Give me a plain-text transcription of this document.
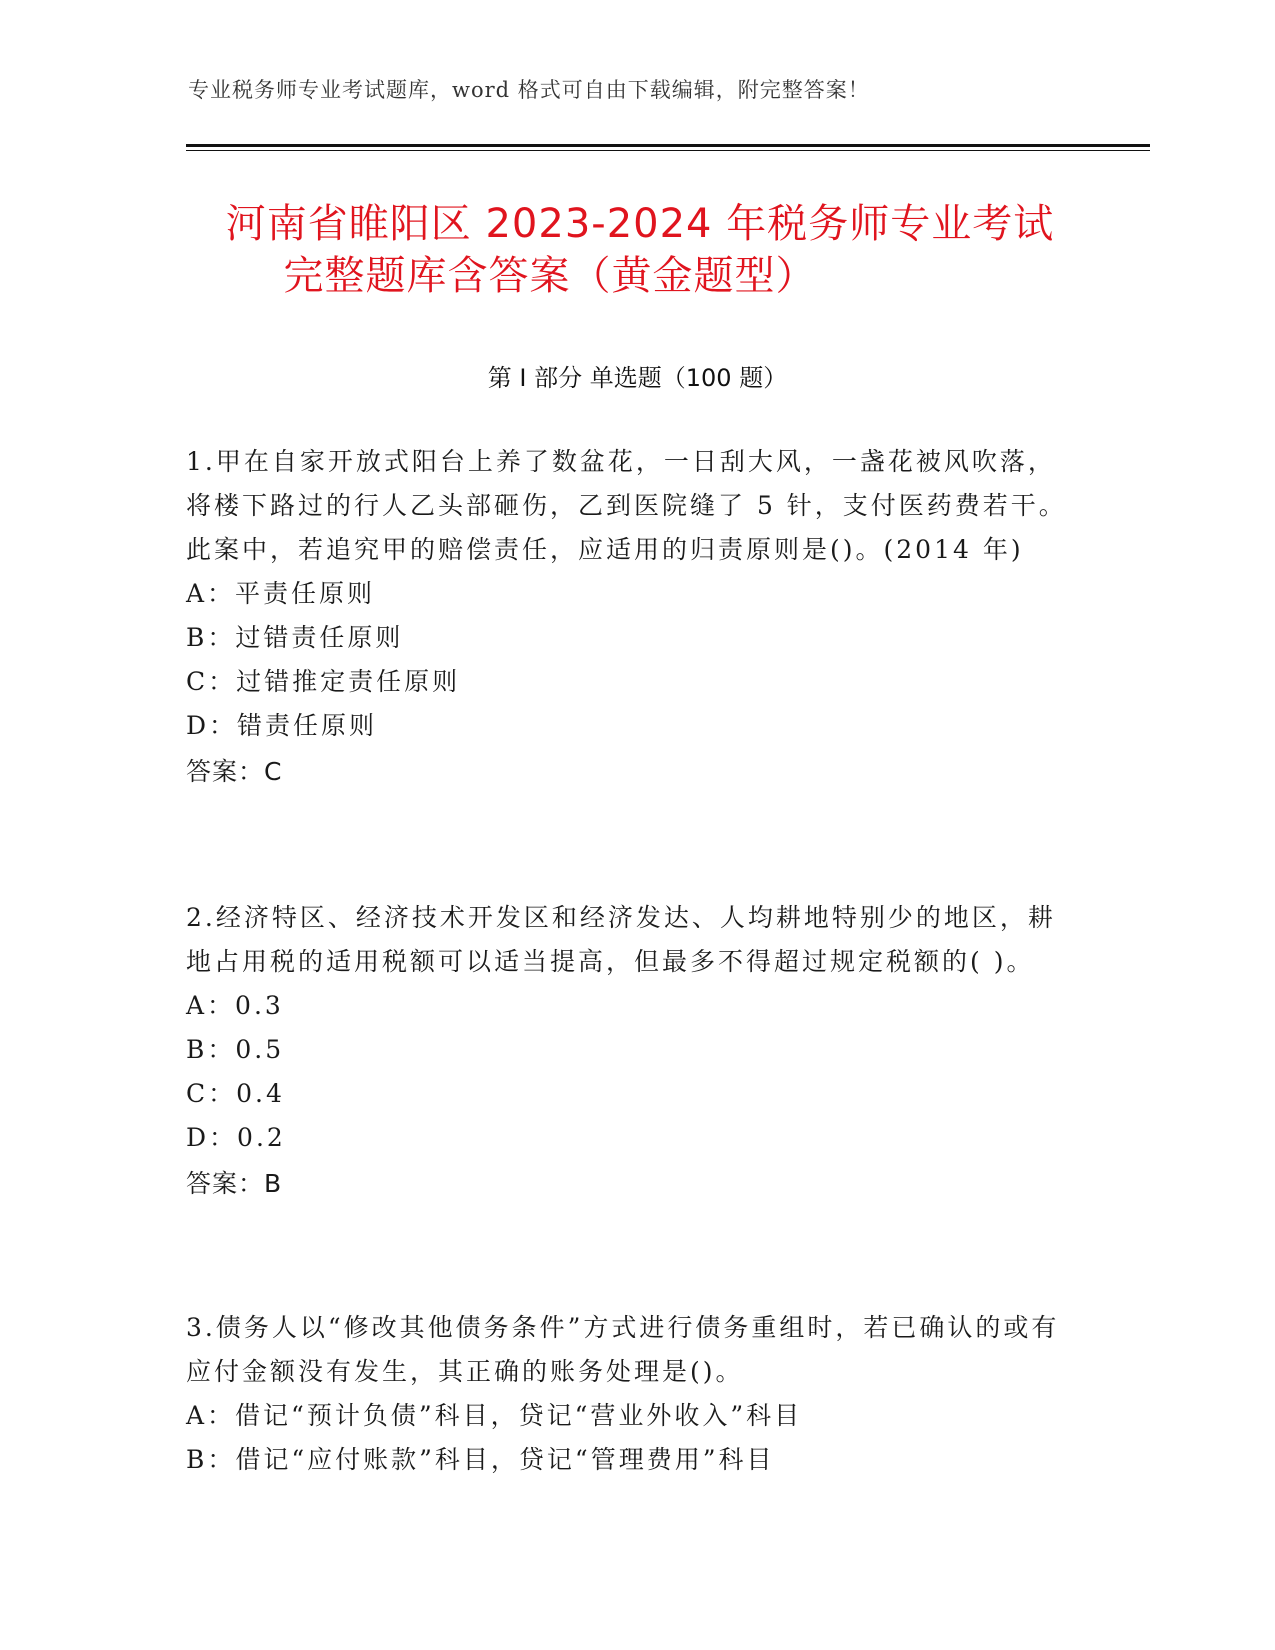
专业税务师专业考试题库，word 格式可自由下载编辑，附完整答案！
河南省睢阳区 2023-2024 年税务师专业考试
完整题库含答案（黄金题型）
第 I 部分 单选题（100 题）
1.甲在自家开放式阳台上养了数盆花，一日刮大风，一盏花被风吹落，将楼下路过的行人乙头部砸伤，乙到医院缝了 5 针，支付医药费若干。此案中，若追究甲的赔偿责任，应适用的归责原则是()。(2014 年)
A：平责任原则
B：过错责任原则
C：过错推定责任原则
D：错责任原则
答案：C
2.经济特区、经济技术开发区和经济发达、人均耕地特别少的地区，耕地占用税的适用税额可以适当提高，但最多不得超过规定税额的( )。
A：0.3
B：0.5
C：0.4
D：0.2
答案：B
3.债务人以“修改其他债务条件”方式进行债务重组时，若已确认的或有应付金额没有发生，其正确的账务处理是()。
A：借记“预计负债”科目，贷记“营业外收入”科目
B：借记“应付账款”科目，贷记“管理费用”科目
